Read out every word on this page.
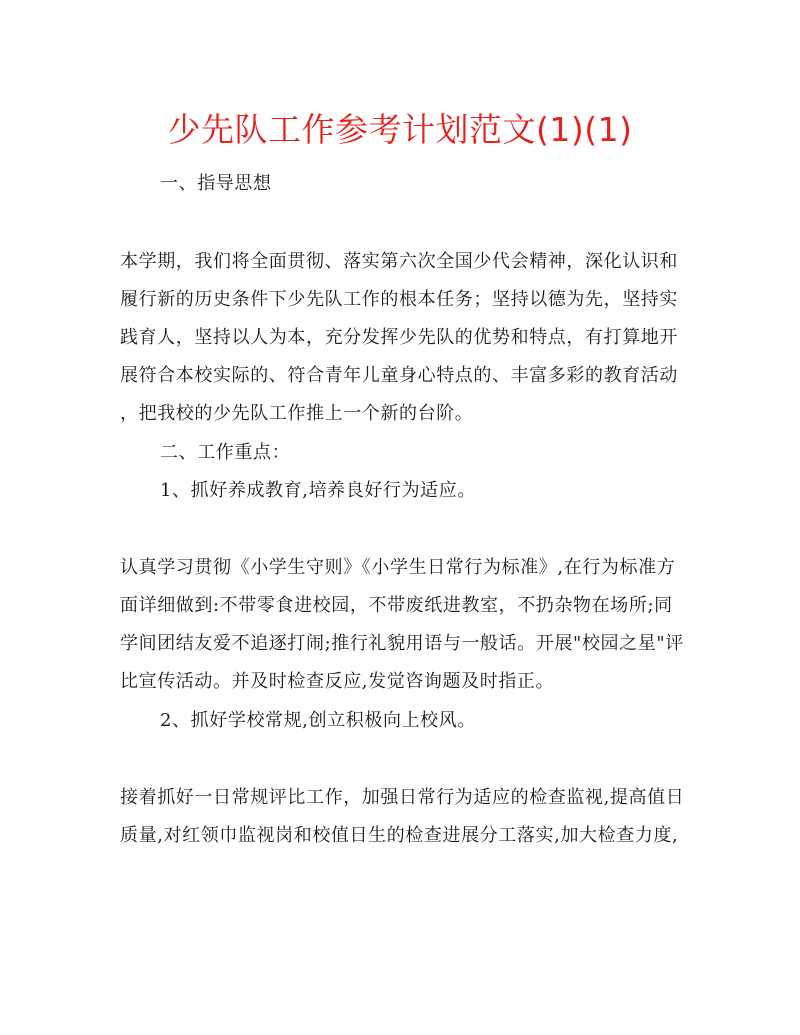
少先队工作参考计划范文(1)(1)
一、指导思想
本学期，我们将全面贯彻、落实第六次全国少代会精神，深化认识和
履行新的历史条件下少先队工作的根本任务；坚持以德为先，坚持实
践育人，坚持以人为本，充分发挥少先队的优势和特点，有打算地开
展符合本校实际的、符合青年儿童身心特点的、丰富多彩的教育活动
，把我校的少先队工作推上一个新的台阶。
二、工作重点：
1、抓好养成教育,培养良好行为适应。
认真学习贯彻《小学生守则》《小学生日常行为标准》,在行为标准方
面详细做到:不带零食进校园，不带废纸进教室，不扔杂物在场所;同
学间团结友爱不追逐打闹;推行礼貌用语与一般话。开展"校园之星"评
比宣传活动。并及时检查反应,发觉咨询题及时指正。
2、抓好学校常规,创立积极向上校风。
接着抓好一日常规评比工作，加强日常行为适应的检查监视,提高值日
质量,对红领巾监视岗和校值日生的检查进展分工落实,加大检查力度,
